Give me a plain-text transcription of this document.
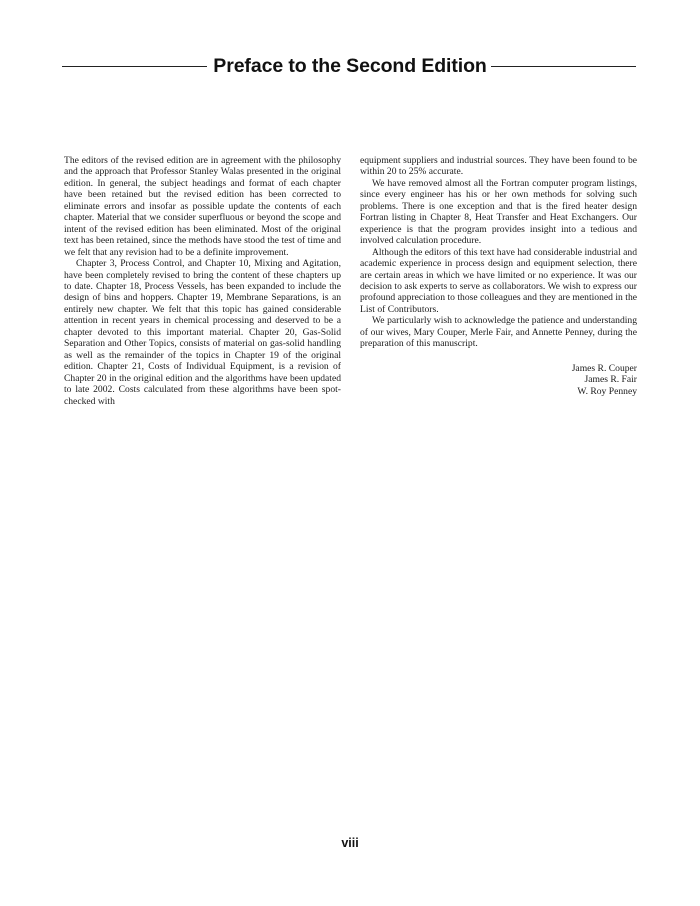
Preface to the Second Edition

The editors of the revised edition are in agreement with the philosophy and the approach that Professor Stanley Walas presented in the original edition. In general, the subject headings and format of each chapter have been retained but the revised edition has been corrected to eliminate errors and insofar as possible update the contents of each chapter. Material that we consider superfluous or beyond the scope and intent of the revised edition has been eliminated. Most of the original text has been retained, since the methods have stood the test of time and we felt that any revision had to be a definite improvement.

Chapter 3, Process Control, and Chapter 10, Mixing and Agitation, have been completely revised to bring the content of these chapters up to date. Chapter 18, Process Vessels, has been expanded to include the design of bins and hoppers. Chapter 19, Membrane Separations, is an entirely new chapter. We felt that this topic has gained considerable attention in recent years in chemical processing and deserved to be a chapter devoted to this important material. Chapter 20, Gas-Solid Separation and Other Topics, consists of material on gas-solid handling as well as the remainder of the topics in Chapter 19 of the original edition. Chapter 21, Costs of Individual Equipment, is a revision of Chapter 20 in the original edition and the algorithms have been updated to late 2002. Costs calculated from these algorithms have been spot-checked with

equipment suppliers and industrial sources. They have been found to be within 20 to 25% accurate.

We have removed almost all the Fortran computer program listings, since every engineer has his or her own methods for solving such problems. There is one exception and that is the fired heater design Fortran listing in Chapter 8, Heat Transfer and Heat Exchangers. Our experience is that the program provides insight into a tedious and involved calculation procedure.

Although the editors of this text have had considerable industrial and academic experience in process design and equipment selection, there are certain areas in which we have limited or no experience. It was our decision to ask experts to serve as collaborators. We wish to express our profound appreciation to those colleagues and they are mentioned in the List of Contributors.

We particularly wish to acknowledge the patience and understanding of our wives, Mary Couper, Merle Fair, and Annette Penney, during the preparation of this manuscript.

James R. Couper
James R. Fair
W. Roy Penney
viii
